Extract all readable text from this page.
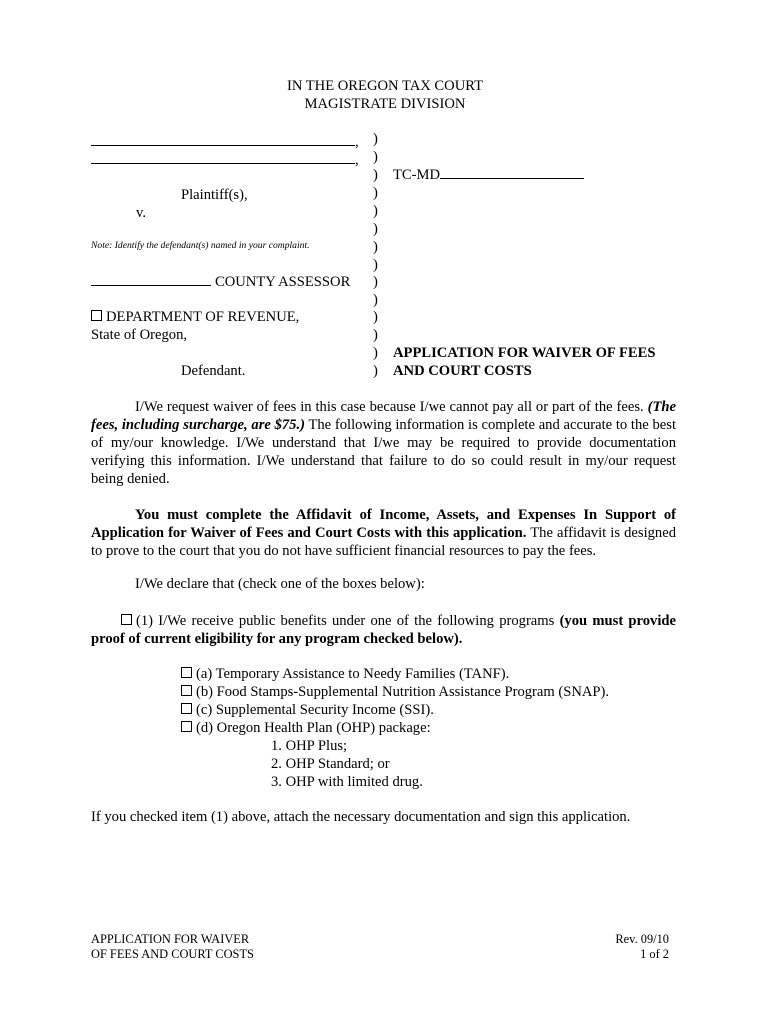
IN THE OREGON TAX COURT
MAGISTRATE DIVISION
,
,
Plaintiff(s),
v.
Note: Identify the defendant(s) named in your complaint.
COUNTY ASSESSOR
DEPARTMENT OF REVENUE,
State of Oregon,
Defendant.
)
)
)
)
)
)
)
)
)
)
)
)
)
)
TC-MD
APPLICATION FOR WAIVER OF FEES
AND COURT COSTS
I/We request waiver of fees in this case because I/we cannot pay all or part of the fees. (The fees, including surcharge, are $75.) The following information is complete and accurate to the best of my/our knowledge. I/We understand that I/we may be required to provide documentation verifying this information. I/We understand that failure to do so could result in my/our request being denied.
You must complete the Affidavit of Income, Assets, and Expenses In Support of Application for Waiver of Fees and Court Costs with this application. The affidavit is designed to prove to the court that you do not have sufficient financial resources to pay the fees.
I/We declare that (check one of the boxes below):
(1) I/We receive public benefits under one of the following programs (you must provide proof of current eligibility for any program checked below).
(a) Temporary Assistance to Needy Families (TANF).
(b) Food Stamps-Supplemental Nutrition Assistance Program (SNAP).
(c) Supplemental Security Income (SSI).
(d) Oregon Health Plan (OHP) package:
1. OHP Plus;
2. OHP Standard; or
3. OHP with limited drug.
If you checked item (1) above, attach the necessary documentation and sign this application.
APPLICATION FOR WAIVER
OF FEES AND COURT COSTS
Rev. 09/10
1 of 2
